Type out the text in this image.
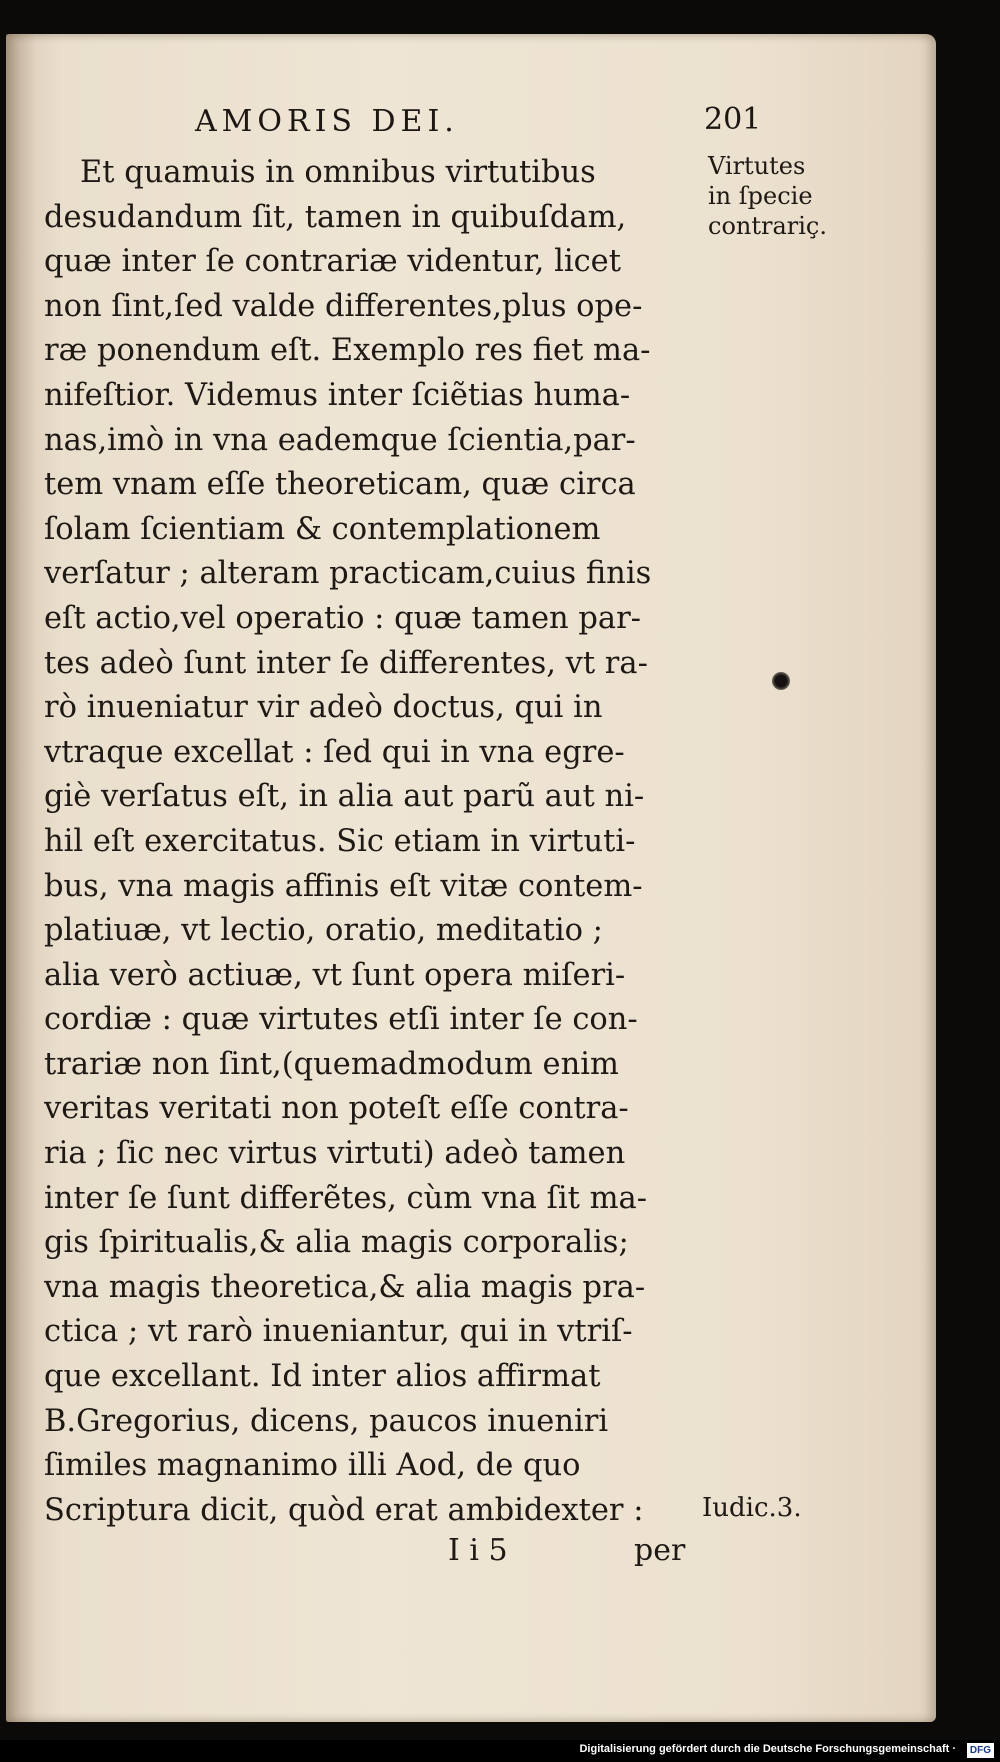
AMORIS DEI.	201
Et quamuis in omnibus virtutibus
desudandum ſit, tamen in quibuſdam,
quæ inter ſe contrariæ videntur, licet
non ſint,ſed valde differentes,plus ope-
ræ ponendum eſt. Exemplo res fiet ma-
nifeſtior. Videmus inter ſciẽtias huma-
nas,imò in vna eademque ſcientia,par-
tem vnam eſſe theoreticam, quæ circa
ſolam ſcientiam & contemplationem
verſatur ; alteram practicam,cuius finis
eſt actio,vel operatio : quæ tamen par-
tes adeò ſunt inter ſe differentes, vt ra-
rò inueniatur vir adeò doctus, qui in
vtraque excellat : ſed qui in vna egre-
giè verſatus eſt, in alia aut parũ aut ni-
hil eſt exercitatus. Sic etiam in virtuti-
bus, vna magis affinis eſt vitæ contem-
platiuæ, vt lectio, oratio, meditatio ;
alia verò actiuæ, vt ſunt opera miſeri-
cordiæ : quæ virtutes etſi inter ſe con-
trariæ non ſint,(quemadmodum enim
veritas veritati non poteſt eſſe contra-
ria ; ſic nec virtus virtuti) adeò tamen
inter ſe ſunt differẽtes, cùm vna ſit ma-
gis ſpiritualis,& alia magis corporalis;
vna magis theoretica,& alia magis pra-
ctica ; vt rarò inueniantur, qui in vtriſ-
que excellant. Id inter alios affirmat
B.Gregorius, dicens, paucos inueniri
ſimiles magnanimo illi Aod, de quo
Scriptura dicit, quòd erat ambidexter :
Virtutes
in ſpecie
contrariç.
Iudic.3.
I i 5	per
Digitalisierung gefördert durch die Deutsche Forschungsgemeinschaft ·	DFG
